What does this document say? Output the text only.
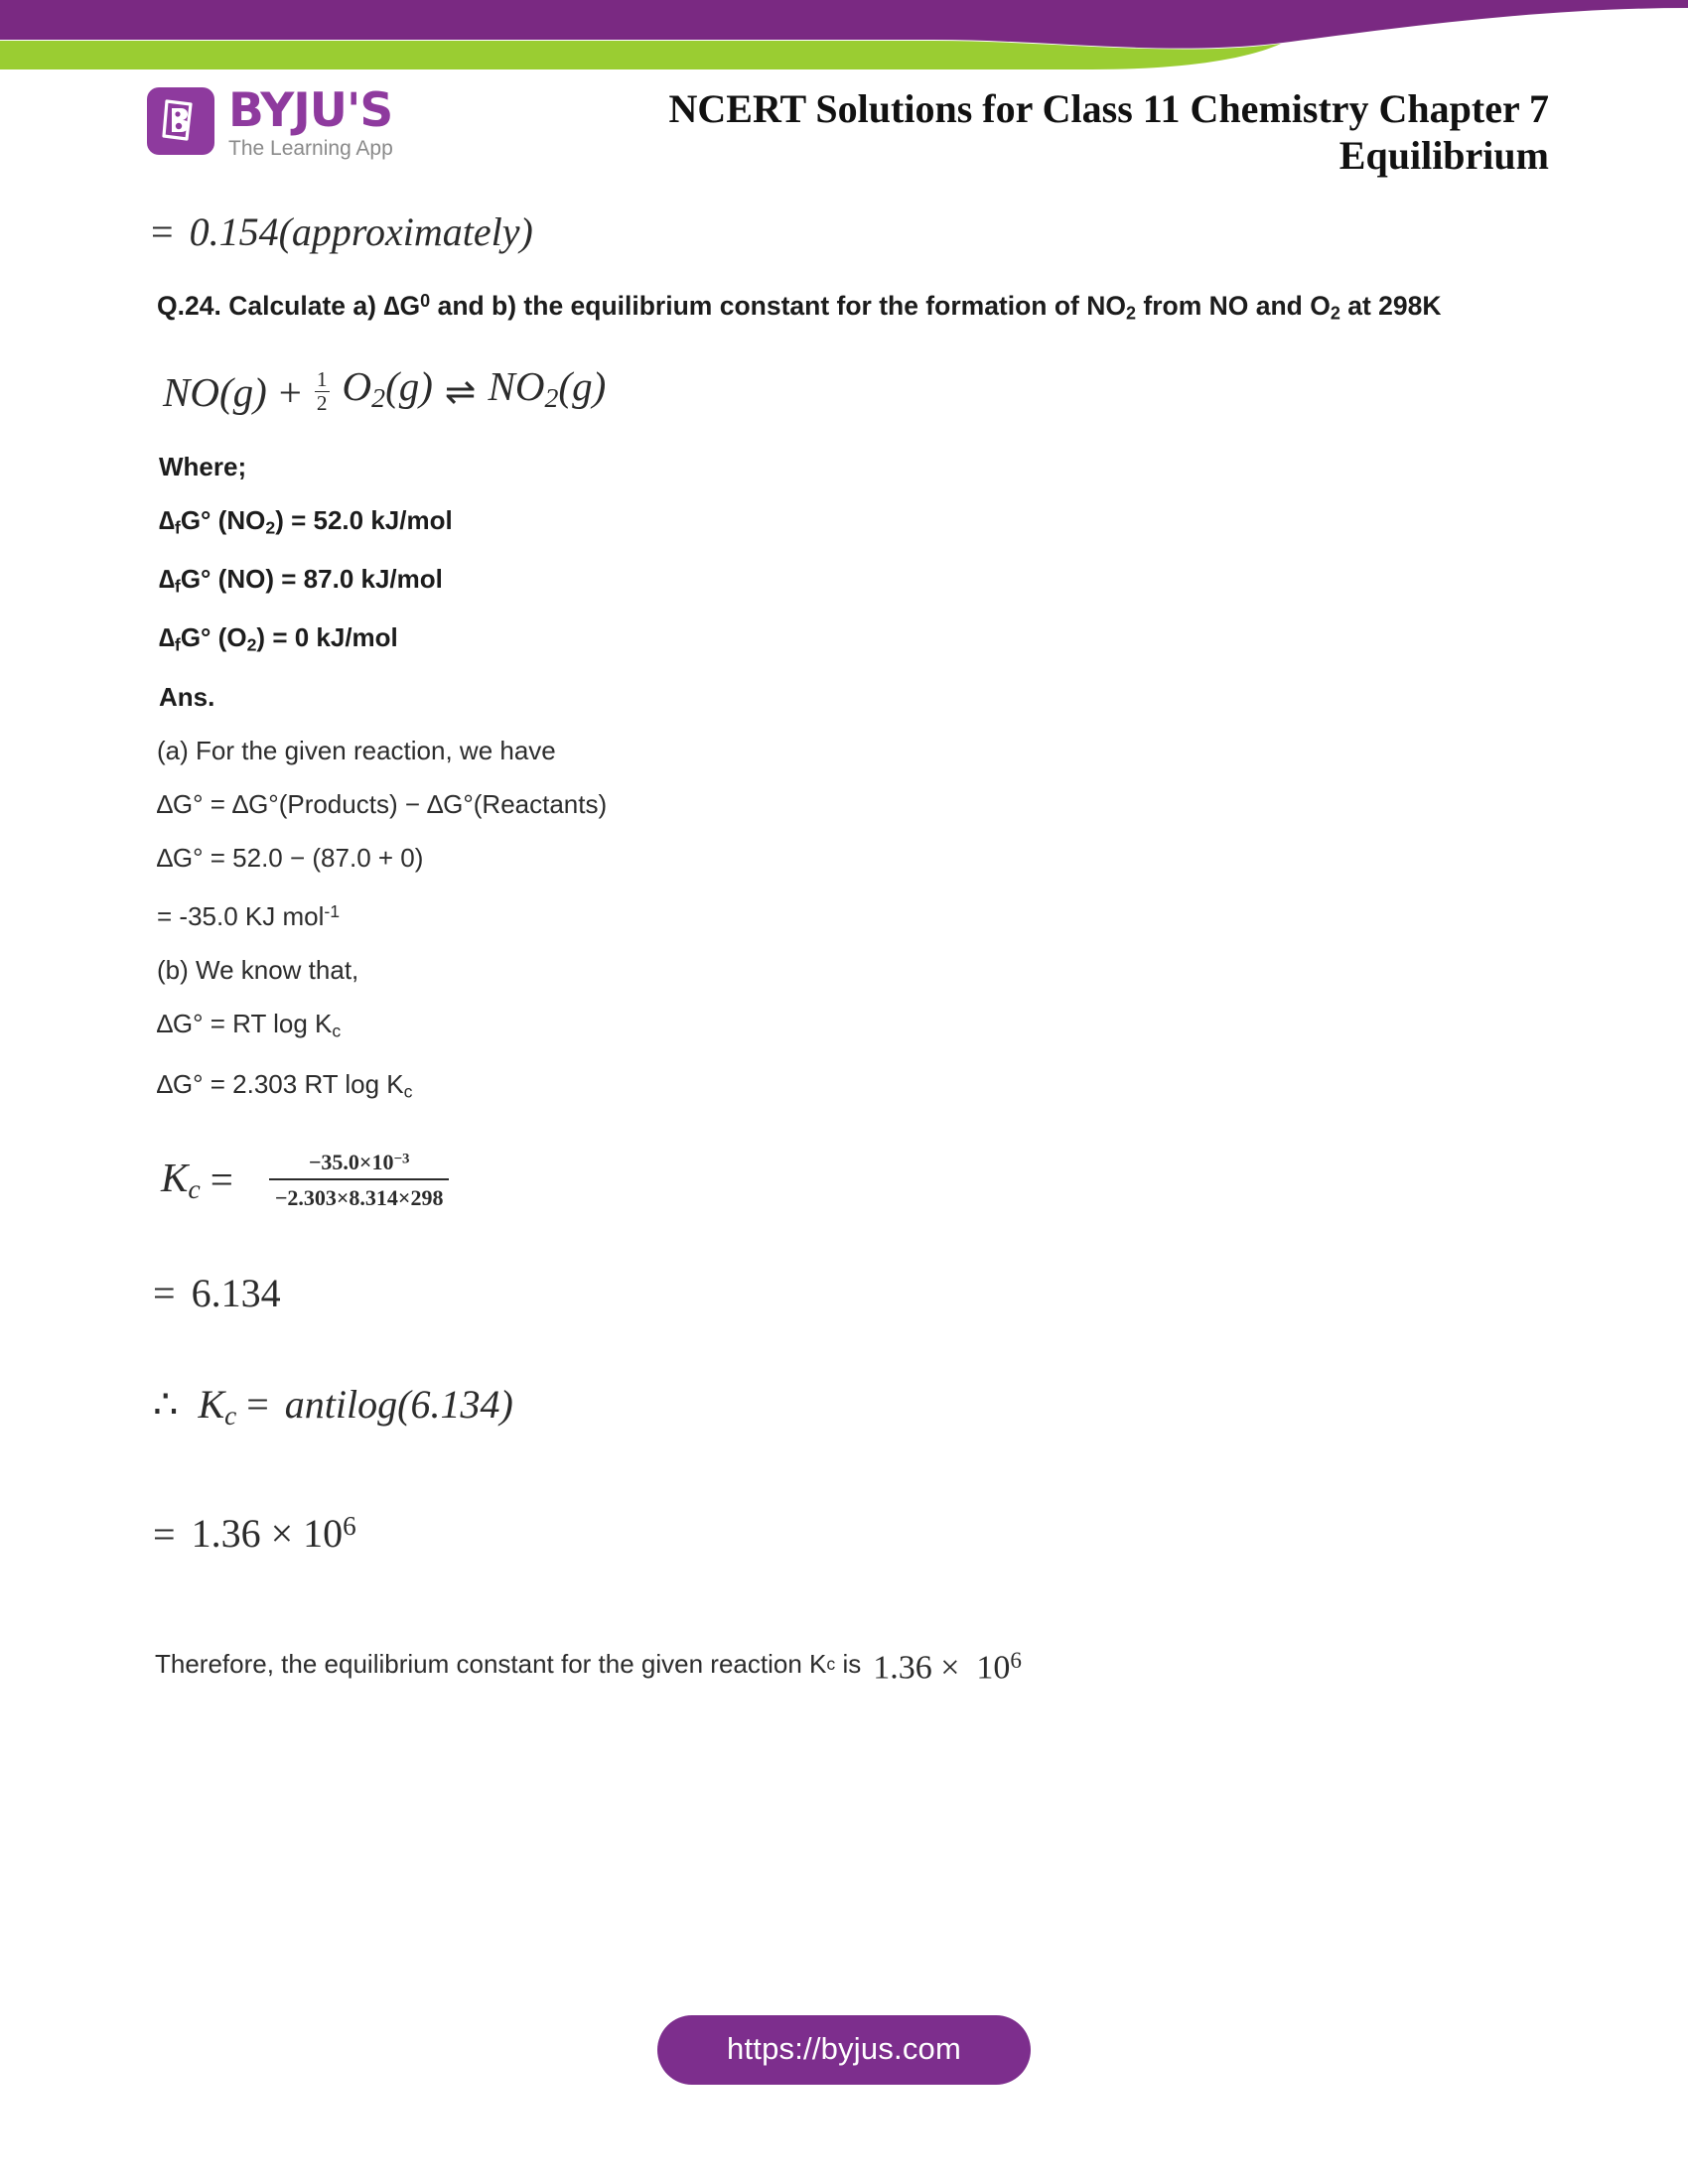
BYJU'S
The Learning App
NCERT Solutions for Class 11 Chemistry Chapter 7
Equilibrium
= 0.154(approximately)
Q.24. Calculate a) $\Delta G^0$ and b) the equilibrium constant for the formation of $NO_2$ from NO and $O_2$ at 298K
$NO(g) + \frac{1}{2} O_2(g)$ ⇌ $NO_2(g)$
Where;
$\Delta_fG^\circ$ $(NO_2) = 52.0$ kJ/mol
$\Delta_fG^\circ$ (NO) = 87.0 kJ/mol
$\Delta_fG^\circ$ $(O_2) = 0$ kJ/mol
Ans.
(a) For the given reaction, we have
∆G° = ∆G°(Products) − ∆G°(Reactants)
∆G° = 52.0 − (87.0 + 0)
= -35.0 KJ mol$^{-1}$
(b) We know that,
∆G° = RT $\log K_c$
∆G° = 2.303 RT $\log K_c$
$K_c = \frac{-35.0\times 10^{-3}}{-2.303\times 8.314\times 298}$
= 6.134
∴ $K_c$ = antilog(6.134)
= $1.36 \times 10^6$
Therefore, the equilibrium constant for the given reaction K c
is $1.36 \times 10^6$
https://byjus.com
